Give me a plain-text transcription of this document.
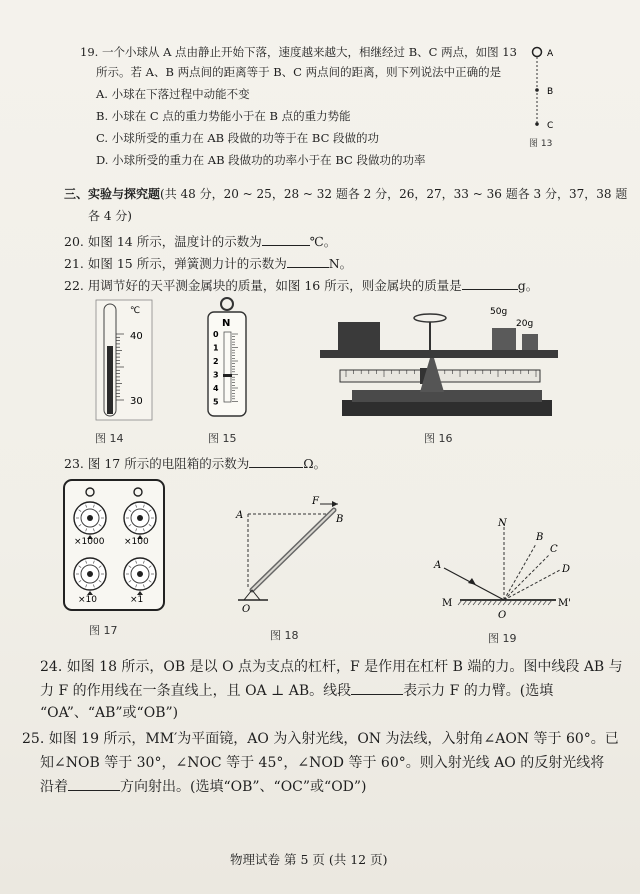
19. 一个小球从 A 点由静止开始下落，速度越来越大，相继经过 B、C 两点，如图 13
所示。若 A、B 两点间的距离等于 B、C 两点间的距离，则下列说法中正确的是
A. 小球在下落过程中动能不变
B. 小球在 C 点的重力势能小于在 B 点的重力势能
C. 小球所受的重力在 AB 段做的功等于在 BC 段做的功
D. 小球所受的重力在 AB 段做功的功率小于在 BC 段做功的功率
A
B
C
图 13
三、实验与探究题(共 48 分，20 ~ 25，28 ~ 32 题各 2 分，26，27，33 ~ 36 题各 3 分，37，38 题
各 4 分)
20. 如图 14 所示，温度计的示数为	℃。
21. 如图 15 所示，弹簧测力计的示数为	N。
22. 用调节好的天平测金属块的质量，如图 16 所示，则金属块的质量是	g。
℃
40
30
图 14
N
0
1
2
3
4
5
图 15
50g
20g
图 16
23. 图 17 所示的电阻箱的示数为	Ω。
×1000 ×100
×10	×1
图 17
A	B
F
O
图 18
N
B
C
D
A
M	M'
O
图 19
24. 如图 18 所示，OB 是以 O 点为支点的杠杆，F 是作用在杠杆 B 端的力。图中线段 AB 与
力 F 的作用线在一条直线上，且 OA ⊥ AB。线段	表示力 F 的力臂。(选填
“OA”、“AB”或“OB”)
25. 如图 19 所示，MM′为平面镜，AO 为入射光线，ON 为法线，入射角∠AON 等于 60°。已
知∠NOB 等于 30°，∠NOC 等于 45°，∠NOD 等于 60°。则入射光线 AO 的反射光线将
沿着	方向射出。(选填“OB”、“OC”或“OD”)
物理试卷 第 5 页 (共 12 页)
